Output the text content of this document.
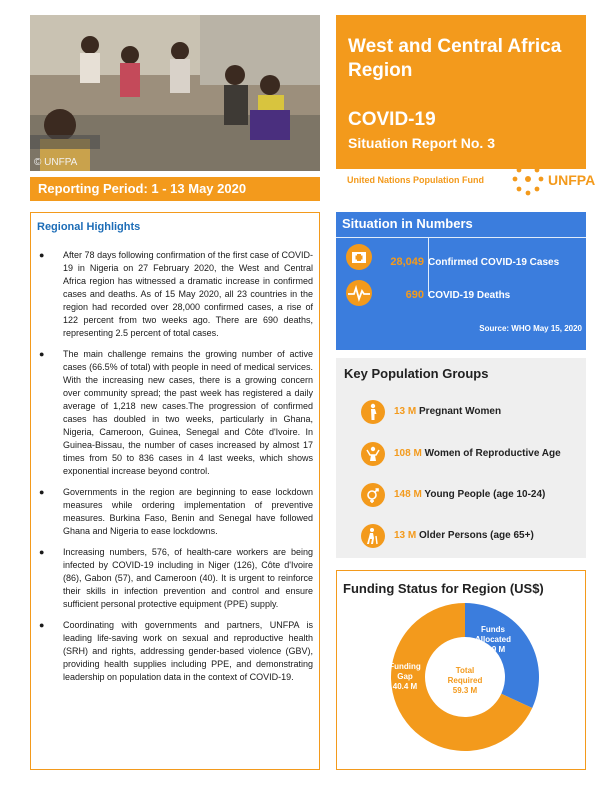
© UNFPA
West and Central Africa Region
COVID-19
Situation Report No. 3
Reporting Period: 1 - 13 May 2020
United Nations Population Fund	UNFPA
Regional Highlights
● After 78 days following confirmation of the first case of COVID-19 in Nigeria on 27 February 2020, the West and Central Africa region has witnessed a dramatic increase in confirmed cases and deaths. As of 15 May 2020, all 23 countries in the region had recorded over 28,000 confirmed cases, a rise of 122 percent from two weeks ago. There are 690 deaths, representing 2.5 percent of total cases.
● The main challenge remains the growing number of active cases (66.5% of total) with people in need of medical services. With the increasing new cases, there is a growing concern over community spread; the past week has registered a daily average of 1,218 new cases.The progression of confirmed cases has doubled in two weeks, particularly in Ghana, Nigeria, Cameroon, Guinea, Senegal and Côte d'Ivoire. In Guinea-Bissau, the number of cases increased by almost 17 times from 50 to 836 cases in 4 last weeks, which shows exponential increase beyond control.
● Governments in the region are beginning to ease lockdown measures while ordering implementation of preventive measures. Burkina Faso, Benin and Senegal have followed Ghana and Nigeria to ease lockdowns.
● Increasing numbers, 576, of health-care workers are being infected by COVID-19 including in Niger (126), Côte d'Ivoire (86), Gabon (57), and Cameroon (40). It is urgent to reinforce their skills in infection prevention and control and ensure sufficient personal protective equipment (PPE) supply.
● Coordinating with governments and partners, UNFPA is leading life-saving work on sexual and reproductive health (SRH) and rights, addressing gender-based violence (GBV), providing health supplies including PPE, and demonstrating leadership on population data in the context of COVID-19.
Situation in Numbers
28,049 Confirmed COVID-19 Cases
690 COVID-19 Deaths
Source: WHO May 15, 2020
Key Population Groups
13 M Pregnant Women
108 M Women of Reproductive Age
148 M Young People (age 10-24)
13 M Older Persons (age 65+)
Funding Status for Region (US$)
Funds
Allocated
18.9 M
Funding
Gap
40.4 M
Total
Required
59.3 M
